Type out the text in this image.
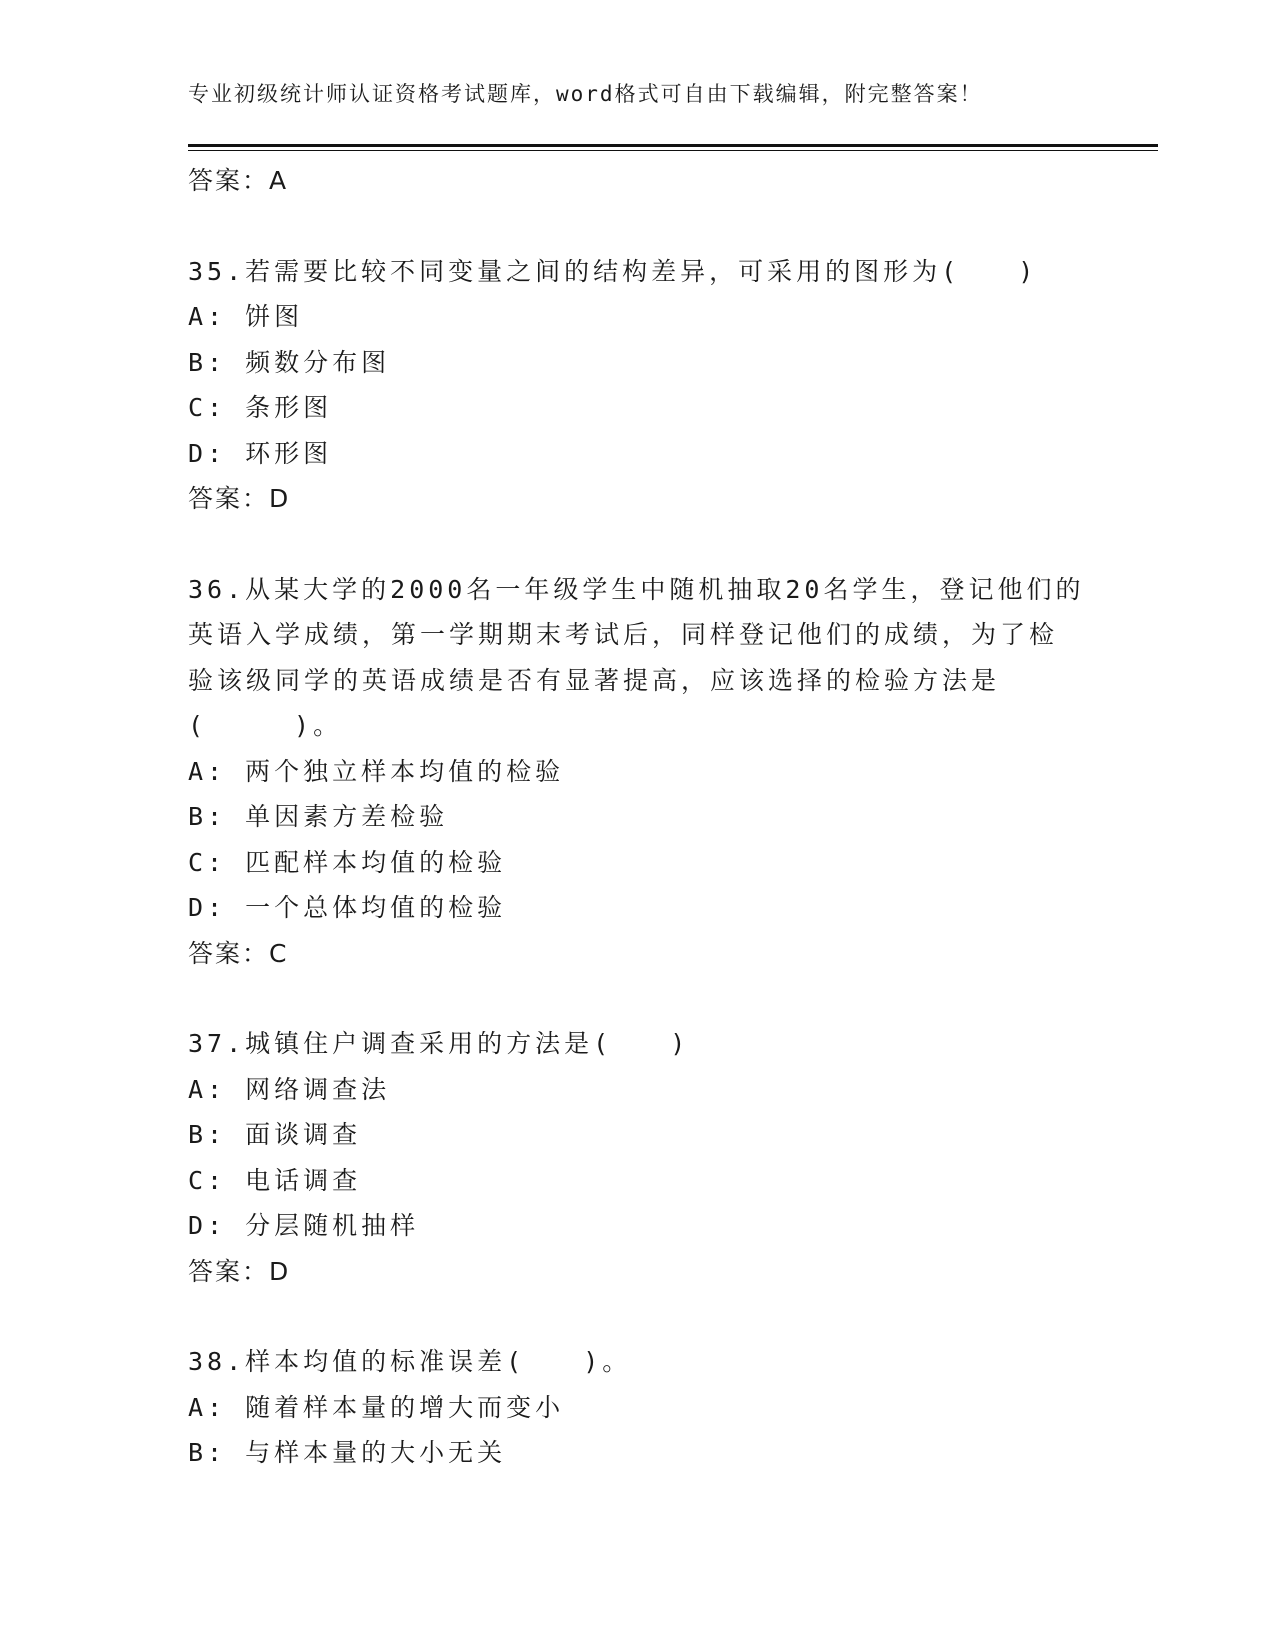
专业初级统计师认证资格考试题库，word格式可自由下载编辑，附完整答案！
答案：A
35.若需要比较不同变量之间的结构差异，可采用的图形为(　　)
A: 饼图
B: 频数分布图
C: 条形图
D: 环形图
答案：D
36.从某大学的2000名一年级学生中随机抽取20名学生，登记他们的
英语入学成绩，第一学期期末考试后，同样登记他们的成绩，为了检
验该级同学的英语成绩是否有显著提高，应该选择的检验方法是
(　　　)。
A: 两个独立样本均值的检验
B: 单因素方差检验
C: 匹配样本均值的检验
D: 一个总体均值的检验
答案：C
37.城镇住户调查采用的方法是(　　)
A: 网络调查法
B: 面谈调查
C: 电话调查
D: 分层随机抽样
答案：D
38.样本均值的标准误差(　　)。
A: 随着样本量的增大而变小
B: 与样本量的大小无关
